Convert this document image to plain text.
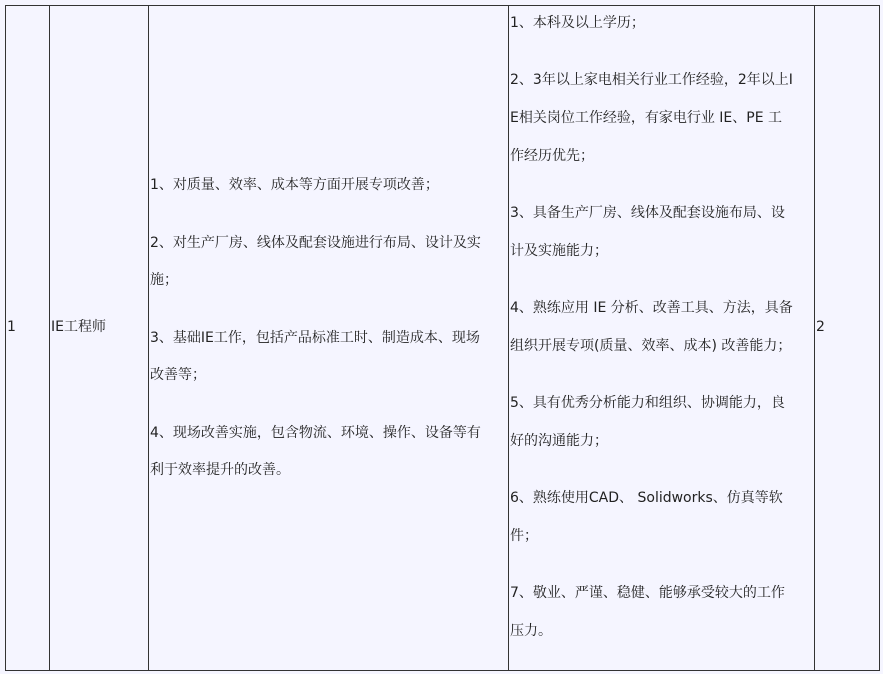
1	IE工程师
1、对质量、效率、成本等方面开展专项改善；
2、对生产厂房、线体及配套设施进行布局、设计及实
施；
3、基础IE工作，包括产品标准工时、制造成本、现场
改善等；
4、现场改善实施，包含物流、环境、操作、设备等有
利于效率提升的改善。
1、本科及以上学历；
2、3年以上家电相关行业工作经验，2年以上I
E相关岗位工作经验，有家电行业 IE、PE 工
作经历优先；
3、具备生产厂房、线体及配套设施布局、设
计及实施能力；
4、熟练应用 IE 分析、改善工具、方法，具备
组织开展专项(质量、效率、成本) 改善能力；
5、具有优秀分析能力和组织、协调能力，良
好的沟通能力；
6、熟练使用CAD、 Solidworks、仿真等软
件；
7、敬业、严谨、稳健、能够承受较大的工作
压力。
2
